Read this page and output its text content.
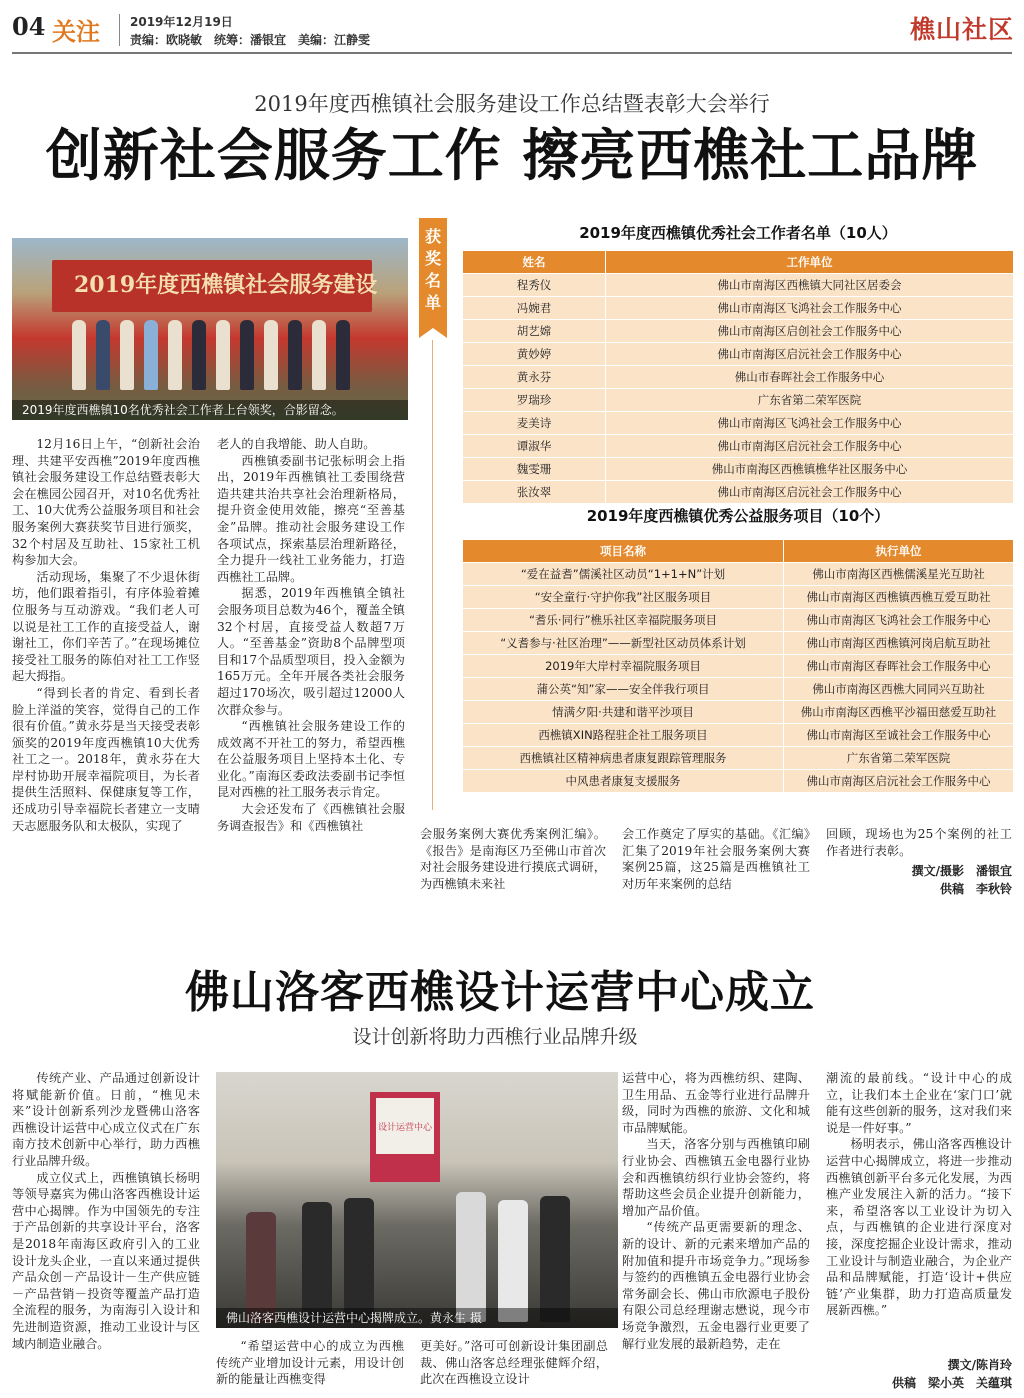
04 关注	2019年12月19日
责编：欧晓敏　统筹：潘银宜　美编：江静雯	樵山社区
2019年度西樵镇社会服务建设工作总结暨表彰大会举行
创新社会服务工作 擦亮西樵社工品牌
2019年度西樵镇社会服务建设
2019年度西樵镇10名优秀社会工作者上台领奖，合影留念。
获奖名单
2019年度西樵镇优秀社会工作者名单（10人）
姓名	工作单位
程秀仪	佛山市南海区西樵镇大同社区居委会
冯婉君	佛山市南海区飞鸿社会工作服务中心
胡艺嫦	佛山市南海区启创社会工作服务中心
黄妙婷	佛山市南海区启沅社会工作服务中心
黄永芬	佛山市春晖社会工作服务中心
罗瑞珍	广东省第二荣军医院
麦美诗	佛山市南海区飞鸿社会工作服务中心
谭淑华	佛山市南海区启沅社会工作服务中心
魏雯珊	佛山市南海区西樵镇樵华社区服务中心
张汝翠	佛山市南海区启沅社会工作服务中心
2019年度西樵镇优秀公益服务项目（10个）
项目名称	执行单位
“爱在益耆”儒溪社区动员“1+1+N”计划	佛山市南海区西樵儒溪星光互助社
“安全童行·守护你我”社区服务项目	佛山市南海区西樵镇西樵互爱互助社
“耆乐·同行”樵乐社区幸福院服务项目	佛山市南海区飞鸿社会工作服务中心
“义耆参与·社区治理”——新型社区动员体系计划	佛山市南海区西樵镇河岗启航互助社
2019年大岸村幸福院服务项目	佛山市南海区春晖社会工作服务中心
蒲公英“知”家——安全伴我行项目	佛山市南海区西樵大同同兴互助社
情满夕阳·共建和谐平沙项目	佛山市南海区西樵平沙福田慈爱互助社
西樵镇XIN路程驻企社工服务项目	佛山市南海区至诚社会工作服务中心
西樵镇社区精神病患者康复跟踪管理服务	广东省第二荣军医院
中风患者康复支援服务	佛山市南海区启沅社会工作服务中心

12月16日上午，“创新社会治理、共建平安西樵”2019年度西樵镇社会服务建设工作总结暨表彰大会在樵园公园召开，对10名优秀社工、10大优秀公益服务项目和社会服务案例大赛获奖节目进行颁奖，32个村居及互助社、15家社工机构参加大会。

活动现场，集聚了不少退休街坊，他们跟着指引，有序体验着摊位服务与互动游戏。“我们老人可以说是社工工作的直接受益人，谢谢社工，你们辛苦了。”在现场摊位接受社工服务的陈伯对社工工作竖起大拇指。

“得到长者的肯定、看到长者脸上洋溢的笑容，觉得自己的工作很有价值。”黄永芬是当天接受表彰颁奖的2019年度西樵镇10大优秀社工之一。2018年，黄永芬在大岸村协助开展幸福院项目，为长者提供生活照料、保健康复等工作，还成功引导幸福院长者建立一支晴天志愿服务队和太极队，实现了

老人的自我增能、助人自助。

西樵镇委副书记张标明会上指出，2019年西樵镇社工委围绕营造共建共治共享社会治理新格局，提升资金使用效能，擦亮“至善基金”品牌。推动社会服务建设工作各项试点，探索基层治理新路径，全力提升一线社工业务能力，打造西樵社工品牌。

据悉，2019年西樵镇全镇社会服务项目总数为46个，覆盖全镇32个村居，直接受益人数超7万人。“至善基金”资助8个品牌型项目和17个品质型项目，投入金额为165万元。全年开展各类社会服务超过170场次，吸引超过12000人次群众参与。

“西樵镇社会服务建设工作的成效离不开社工的努力，希望西樵在公益服务项目上坚持本土化、专业化。”南海区委政法委副书记李恒昆对西樵的社工服务表示肯定。

大会还发布了《西樵镇社会服务调查报告》和《西樵镇社

会服务案例大赛优秀案例汇编》。《报告》是南海区乃至佛山市首次对社会服务建设进行摸底式调研，为西樵镇未来社

会工作奠定了厚实的基础。《汇编》汇集了2019年社会服务案例大赛案例25篇，这25篇是西樵镇社工对历年来案例的总结

回顾，现场也为25个案例的社工作者进行表彰。

撰文/摄影　潘银宜
供稿　李秋铃
佛山洛客西樵设计运营中心成立
设计创新将助力西樵行业品牌升级
设计运营中心
佛山洛客西樵设计运营中心揭牌成立。黄永生 摄

传统产业、产品通过创新设计将赋能新价值。日前，“樵见未来”设计创新系列沙龙暨佛山洛客西樵设计运营中心成立仪式在广东南方技术创新中心举行，助力西樵行业品牌升级。

成立仪式上，西樵镇镇长杨明等领导嘉宾为佛山洛客西樵设计运营中心揭牌。作为中国领先的专注于产品创新的共享设计平台，洛客是2018年南海区政府引入的工业设计龙头企业，一直以来通过提供产品众创－产品设计－生产供应链－产品营销－投资等覆盖产品打造全流程的服务，为南海引入设计和先进制造资源，推动工业设计与区域内制造业融合。	“希望运营中心的成立为西樵传统产业增加设计元素，用设计创新的能量让西樵变得

更美好。”洛可可创新设计集团副总裁、佛山洛客总经理张健辉介绍，此次在西樵设立设计

运营中心，将为西樵纺织、建陶、卫生用品、五金等行业进行品牌升级，同时为西樵的旅游、文化和城市品牌赋能。

当天，洛客分别与西樵镇印刷行业协会、西樵镇五金电器行业协会和西樵镇纺织行业协会签约，将帮助这些会员企业提升创新能力，增加产品价值。

“传统产品更需要新的理念、新的设计、新的元素来增加产品的附加值和提升市场竞争力。”现场参与签约的西樵镇五金电器行业协会常务副会长、佛山市欣源电子股份有限公司总经理谢志懋说，现今市场竞争激烈，五金电器行业更要了解行业发展的最新趋势，走在

潮流的最前线。“设计中心的成立，让我们本土企业在‘家门口’就能有这些创新的服务，这对我们来说是一件好事。”

杨明表示，佛山洛客西樵设计运营中心揭牌成立，将进一步推动西樵镇创新平台多元化发展，为西樵产业发展注入新的活力。“接下来，希望洛客以工业设计为切入点，与西樵镇的企业进行深度对接，深度挖掘企业设计需求，推动工业设计与制造业融合，为企业产品和品牌赋能，打造‘设计+供应链’产业集群，助力打造高质量发展新西樵。”

撰文/陈肖玲
供稿　梁小英　关蕴琪
